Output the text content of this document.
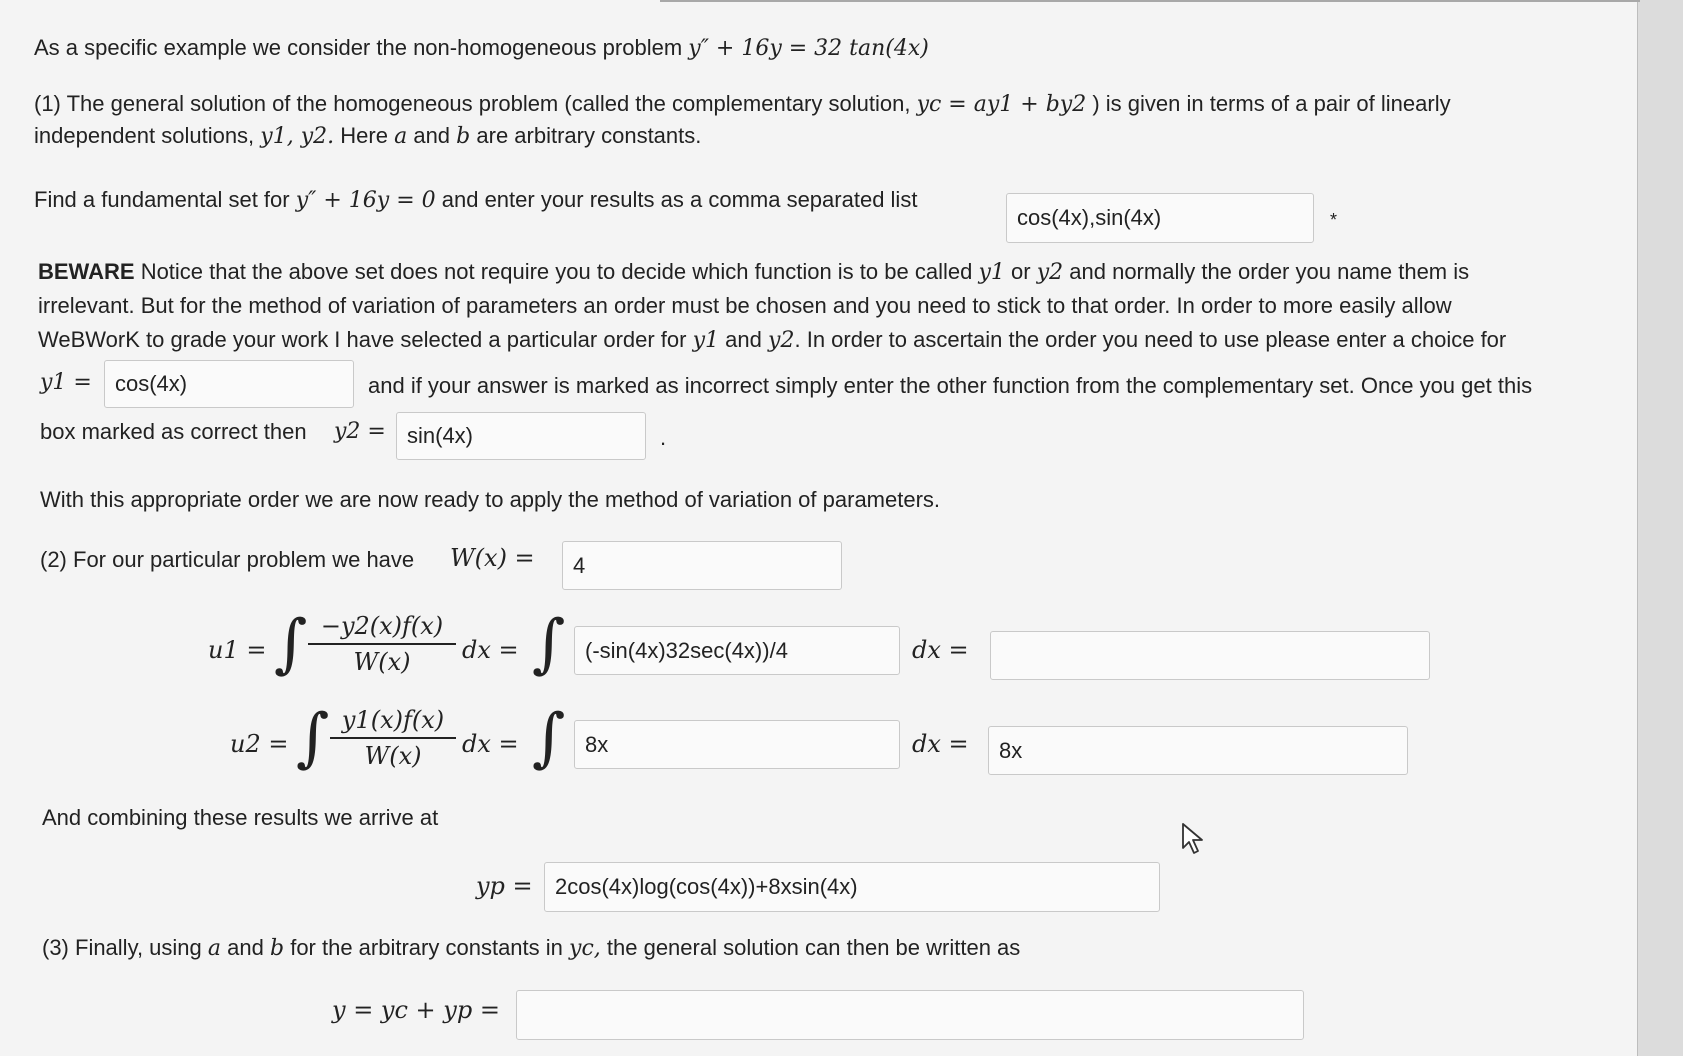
As a specific example we consider the non-homogeneous problem y″ + 16y = 32 tan(4x)
(1) The general solution of the homogeneous problem (called the complementary solution, yc = ay1 + by2 ) is given in terms of a pair of linearly
independent solutions, y1, y2. Here a and b are arbitrary constants.
Find a fundamental set for y″ + 16y = 0 and enter your results as a comma separated list
cos(4x),sin(4x)	*
BEWARE Notice that the above set does not require you to decide which function is to be called y1 or y2 and normally the order you name them is
irrelevant. But for the method of variation of parameters an order must be chosen and you need to stick to that order. In order to more easily allow
WeBWorK to grade your work I have selected a particular order for y1 and y2. In order to ascertain the order you need to use please enter a choice for
y1 =	cos(4x)	and if your answer is marked as incorrect simply enter the other function from the complementary set. Once you get this
box marked as correct then y2 = sin(4x)	.
With this appropriate order we are now ready to apply the method of variation of parameters.
(2) For our particular problem we have W(x) =	4
u1 = ∫ −y2(x)f(x)
W(x)	dx = ∫ (-sin(4x)32sec(4x))/4	dx =
u2 = ∫ y1(x)f(x)
W(x)	dx = ∫ 8x	dx =	8x
And combining these results we arrive at
yp =	2cos(4x)log(cos(4x))+8xsin(4x)
(3) Finally, using a and b for the arbitrary constants in yc, the general solution can then be written as
y = yc + yp =
